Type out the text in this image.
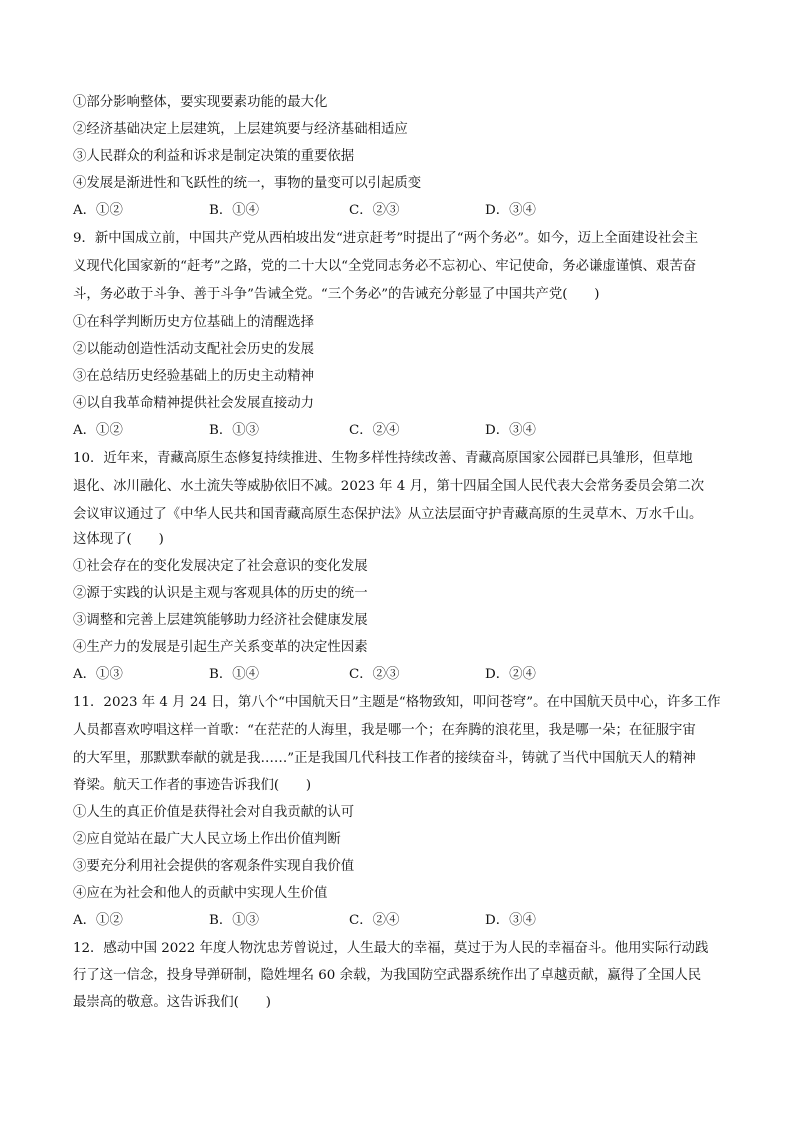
①部分影响整体，要实现要素功能的最大化
②经济基础决定上层建筑，上层建筑要与经济基础相适应
③人民群众的利益和诉求是制定决策的重要依据
④发展是渐进性和飞跃性的统一，事物的量变可以引起质变
A．①②	B．①④	C．②③	D．③④
9．新中国成立前，中国共产党从西柏坡出发“进京赶考”时提出了“两个务必”。如今，迈上全面建设社会主
义现代化国家新的“赶考”之路，党的二十大以“全党同志务必不忘初心、牢记使命，务必谦虚谨慎、艰苦奋
斗，务必敢于斗争、善于斗争”告诫全党。“三个务必”的告诫充分彰显了中国共产党(　　)
①在科学判断历史方位基础上的清醒选择
②以能动创造性活动支配社会历史的发展
③在总结历史经验基础上的历史主动精神
④以自我革命精神提供社会发展直接动力
A．①②	B．①③	C．②④	D．③④
10．近年来，青藏高原生态修复持续推进、生物多样性持续改善、青藏高原国家公园群已具雏形，但草地
退化、冰川融化、水土流失等威胁依旧不减。2023 年 4 月，第十四届全国人民代表大会常务委员会第二次
会议审议通过了《中华人民共和国青藏高原生态保护法》从立法层面守护青藏高原的生灵草木、万水千山。
这体现了(　　)
①社会存在的变化发展决定了社会意识的变化发展
②源于实践的认识是主观与客观具体的历史的统一
③调整和完善上层建筑能够助力经济社会健康发展
④生产力的发展是引起生产关系变革的决定性因素
A．①③	B．①④	C．②③	D．②④
11．2023 年 4 月 24 日，第八个“中国航天日”主题是“格物致知，叩问苍穹”。在中国航天员中心，许多工作
人员都喜欢哼唱这样一首歌：“在茫茫的人海里，我是哪一个；在奔腾的浪花里，我是哪一朵；在征服宇宙
的大军里，那默默奉献的就是我……”正是我国几代科技工作者的接续奋斗，铸就了当代中国航天人的精神
脊梁。航天工作者的事迹告诉我们(　　)
①人生的真正价值是获得社会对自我贡献的认可
②应自觉站在最广大人民立场上作出价值判断
③要充分利用社会提供的客观条件实现自我价值
④应在为社会和他人的贡献中实现人生价值
A．①②	B．①③	C．②④	D．③④
12．感动中国 2022 年度人物沈忠芳曾说过，人生最大的幸福，莫过于为人民的幸福奋斗。他用实际行动践
行了这一信念，投身导弹研制，隐姓埋名 60 余载，为我国防空武器系统作出了卓越贡献，赢得了全国人民
最崇高的敬意。这告诉我们(　　)
